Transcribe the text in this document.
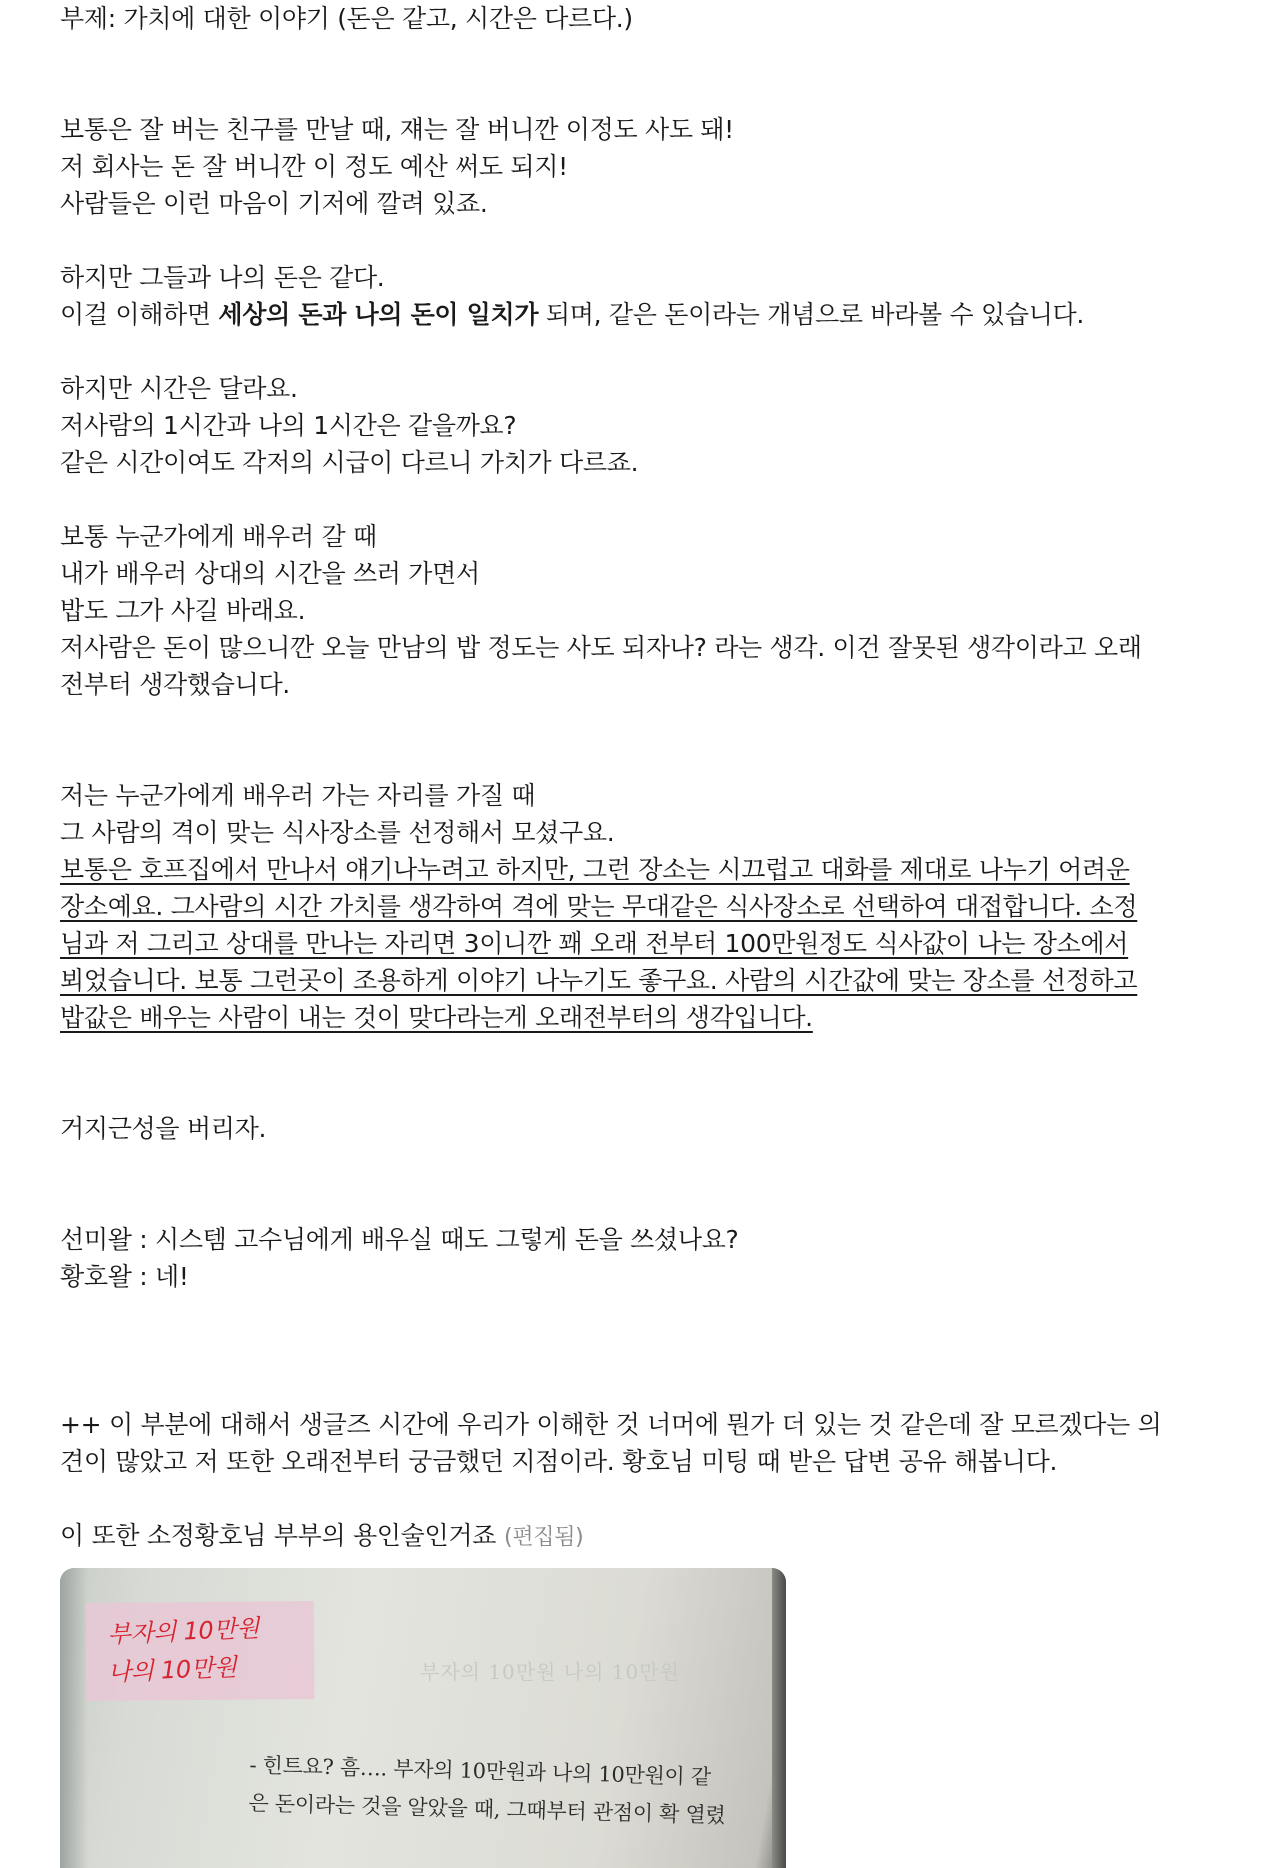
부제: 가치에 대한 이야기 (돈은 같고, 시간은 다르다.)

보통은 잘 버는 친구를 만날 때, 쟤는 잘 버니깐 이정도 사도 돼!
저 회사는 돈 잘 버니깐 이 정도 예산 써도 되지!
사람들은 이런 마음이 기저에 깔려 있죠.

하지만 그들과 나의 돈은 같다.
이걸 이해하면 세상의 돈과 나의 돈이 일치가 되며, 같은 돈이라는 개념으로 바라볼 수 있습니다.

하지만 시간은 달라요.
저사람의 1시간과 나의 1시간은 같을까요?
같은 시간이여도 각저의 시급이 다르니 가치가 다르죠.

보통 누군가에게 배우러 갈 때
내가 배우러 상대의 시간을 쓰러 가면서
밥도 그가 사길 바래요.
저사람은 돈이 많으니깐 오늘 만남의 밥 정도는 사도 되자나? 라는 생각. 이건 잘못된 생각이라고 오래
전부터 생각했습니다.

저는 누군가에게 배우러 가는 자리를 가질 때
그 사람의 격이 맞는 식사장소를 선정해서 모셨구요.
보통은 호프집에서 만나서 얘기나누려고 하지만, 그런 장소는 시끄럽고 대화를 제대로 나누기 어려운
장소예요. 그사람의 시간 가치를 생각하여 격에 맞는 무대같은 식사장소로 선택하여 대접합니다. 소정
님과 저 그리고 상대를 만나는 자리면 3이니깐 꽤 오래 전부터 100만원정도 식사값이 나는 장소에서
뵈었습니다. 보통 그런곳이 조용하게 이야기 나누기도 좋구요. 사람의 시간값에 맞는 장소를 선정하고
밥값은 배우는 사람이 내는 것이 맞다라는게 오래전부터의 생각입니다.

거지근성을 버리자.

선미왈 : 시스템 고수님에게 배우실 때도 그렇게 돈을 쓰셨나요?
황호왈 : 네!

++ 이 부분에 대해서 생글즈 시간에 우리가 이해한 것 너머에 뭔가 더 있는 것 같은데 잘 모르겠다는 의
견이 많았고 저 또한 오래전부터 궁금했던 지점이라. 황호님 미팅 때 받은 답변 공유 해봅니다.

이 또한 소정황호님 부부의 용인술인거죠 (편집됨)

부자의 10만원 나의 10만원
부자의 10만원
나의 10만원
- 힌트요? 흠…. 부자의 10만원과 나의 10만원이 같
은 돈이라는 것을 알았을 때, 그때부터 관점이 확 열렸
